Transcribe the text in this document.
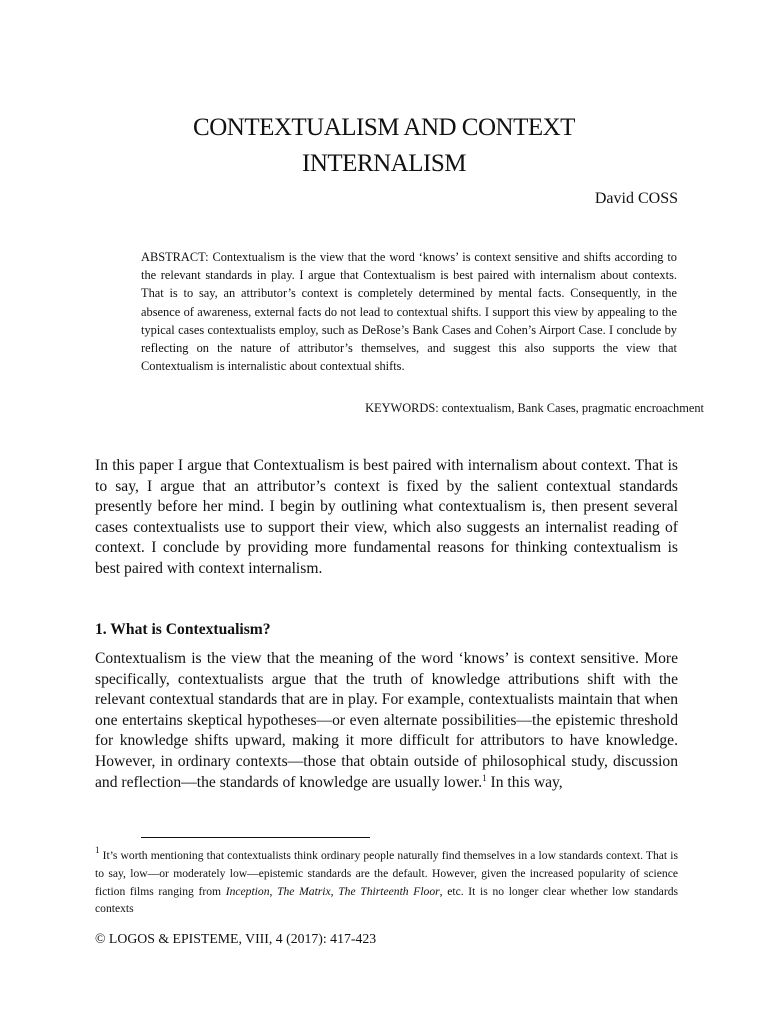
CONTEXTUALISM AND CONTEXT
INTERNALISM
David COSS
ABSTRACT: Contextualism is the view that the word ‘knows’ is context sensitive and shifts according to the relevant standards in play. I argue that Contextualism is best paired with internalism about contexts. That is to say, an attributor’s context is completely determined by mental facts. Consequently, in the absence of awareness, external facts do not lead to contextual shifts. I support this view by appealing to the typical cases contextualists employ, such as DeRose’s Bank Cases and Cohen’s Airport Case. I conclude by reflecting on the nature of attributor’s themselves, and suggest this also supports the view that Contextualism is internalistic about contextual shifts.
KEYWORDS: contextualism, Bank Cases, pragmatic encroachment
In this paper I argue that Contextualism is best paired with internalism about context. That is to say, I argue that an attributor’s context is fixed by the salient contextual standards presently before her mind. I begin by outlining what contextualism is, then present several cases contextualists use to support their view, which also suggests an internalist reading of context. I conclude by providing more fundamental reasons for thinking contextualism is best paired with context internalism.
1. What is Contextualism?
Contextualism is the view that the meaning of the word ‘knows’ is context sensitive. More specifically, contextualists argue that the truth of knowledge attributions shift with the relevant contextual standards that are in play. For example, contextualists maintain that when one entertains skeptical hypotheses—or even alternate possibilities—the epistemic threshold for knowledge shifts upward, making it more difficult for attributors to have knowledge. However, in ordinary contexts—those that obtain outside of philosophical study, discussion and reflection—the standards of knowledge are usually lower.$^1$ In this way,
$^1$ It’s worth mentioning that contextualists think ordinary people naturally find themselves in a low standards context. That is to say, low—or moderately low—epistemic standards are the default. However, given the increased popularity of science fiction films ranging from Inception, The Matrix, The Thirteenth Floor, etc. It is no longer clear whether low standards contexts
© LOGOS & EPISTEME, VIII, 4 (2017): 417-423
